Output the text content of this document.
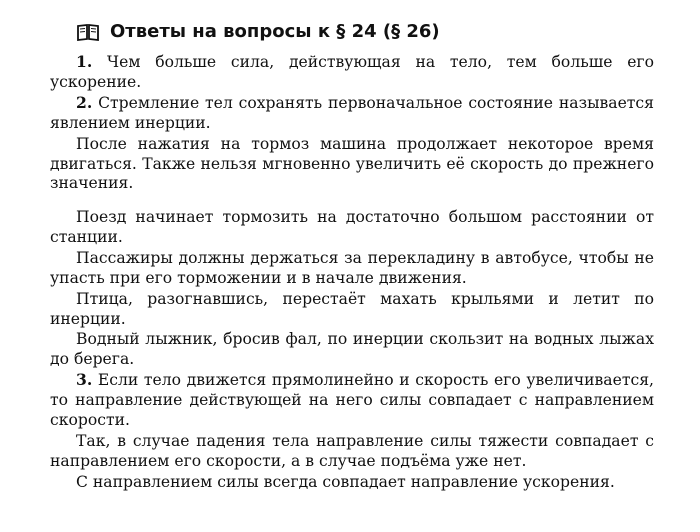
Ответы на вопросы к § 24 (§ 26)

1. Чем больше сила, действующая на тело, тем больше его ускорение.

2. Стремление тел сохранять первоначальное состояние называется явлением инерции.

После нажатия на тормоз машина продолжает некоторое время двигаться. Также нельзя мгновенно увеличить её скорость до прежнего значения.

Поезд начинает тормозить на достаточно большом расстоянии от станции.

Пассажиры должны держаться за перекладину в автобусе, чтобы не упасть при его торможении и в начале движения.

Птица, разогнавшись, перестаёт махать крыльями и летит по инерции.

Водный лыжник, бросив фал, по инерции скользит на водных лыжах до берега.

3. Если тело движется прямолинейно и скорость его увеличивается, то направление действующей на него силы совпадает с направлением скорости.

Так, в случае падения тела направление силы тяжести совпадает с направлением его скорости, а в случае подъёма уже нет.

С направлением силы всегда совпадает направление ускорения.
